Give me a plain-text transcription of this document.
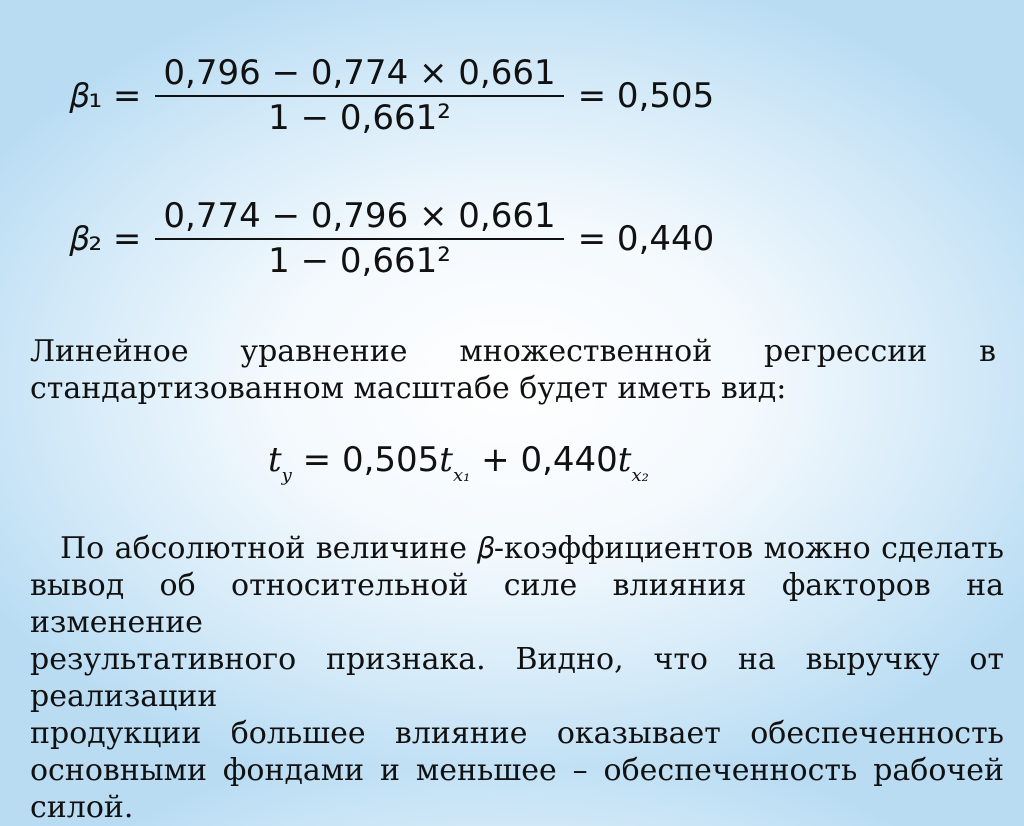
𝛽₁ = $\frac{0,796 - 0,774 \times 0,661}{\text{1 − 0,661²}} = 0,505$
𝛽₂ = $\frac{0,774 - 0,796 \times 0,661}{\text{1 − 0,661²}} = 0,440$
Линейное уравнение множественной регрессии в
стандартизованном масштабе будет иметь вид:
𝑡$_𝑦$ = 0,505𝑡$_{𝑥_1}$ + 0,440𝑡$_{𝑥_2}$
По абсолютной величине 𝛽-коэффициентов можно сделать
вывод об относительной силе влияния факторов на изменение
результативного признака. Видно, что на выручку от реализации
продукции большее влияние оказывает обеспеченность
основными фондами и меньшее – обеспеченность рабочей силой.
